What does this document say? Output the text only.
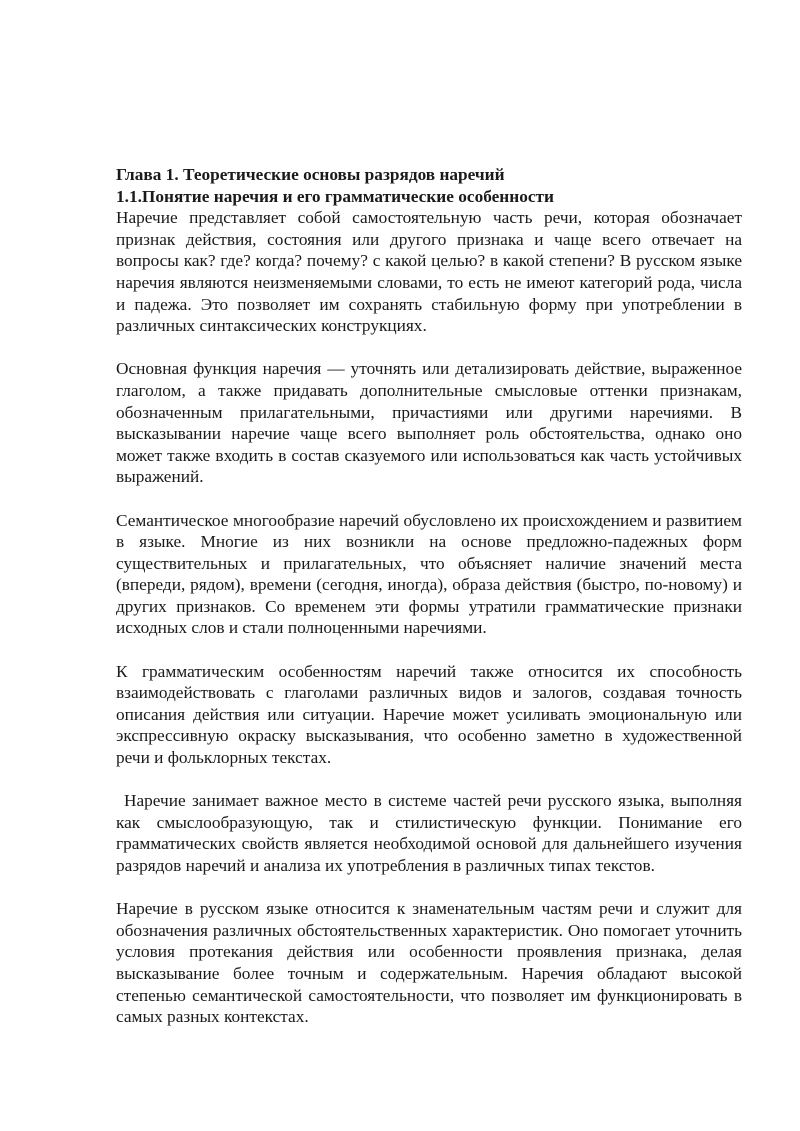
Глава 1. Теоретические основы разрядов наречий

1.1.Понятие наречия и его грамматические особенности

Наречие представляет собой самостоятельную часть речи, которая обозначает признак действия, состояния или другого признака и чаще всего отвечает на вопросы как? где? когда? почему? с какой целью? в какой степени? В русском языке наречия являются неизменяемыми словами, то есть не имеют категорий рода, числа и падежа. Это позволяет им сохранять стабильную форму при употреблении в различных синтаксических конструкциях.

Основная функция наречия — уточнять или детализировать действие, выраженное глаголом, а также придавать дополнительные смысловые оттенки признакам, обозначенным прилагательными, причастиями или другими наречиями. В высказывании наречие чаще всего выполняет роль обстоятельства, однако оно может также входить в состав сказуемого или использоваться как часть устойчивых выражений.

Семантическое многообразие наречий обусловлено их происхождением и развитием в языке. Многие из них возникли на основе предложно-падежных форм существительных и прилагательных, что объясняет наличие значений места (впереди, рядом), времени (сегодня, иногда), образа действия (быстро, по-новому) и других признаков. Со временем эти формы утратили грамматические признаки исходных слов и стали полноценными наречиями.

К грамматическим особенностям наречий также относится их способность взаимодействовать с глаголами различных видов и залогов, создавая точность описания действия или ситуации. Наречие может усиливать эмоциональную или экспрессивную окраску высказывания, что особенно заметно в художественной речи и фольклорных текстах.

Наречие занимает важное место в системе частей речи русского языка, выполняя как смыслообразующую, так и стилистическую функции. Понимание его грамматических свойств является необходимой основой для дальнейшего изучения разрядов наречий и анализа их употребления в различных типах текстов.

Наречие в русском языке относится к знаменательным частям речи и служит для обозначения различных обстоятельственных характеристик. Оно помогает уточнить условия протекания действия или особенности проявления признака, делая высказывание более точным и содержательным. Наречия обладают высокой степенью семантической самостоятельности, что позволяет им функционировать в самых разных контекстах.
